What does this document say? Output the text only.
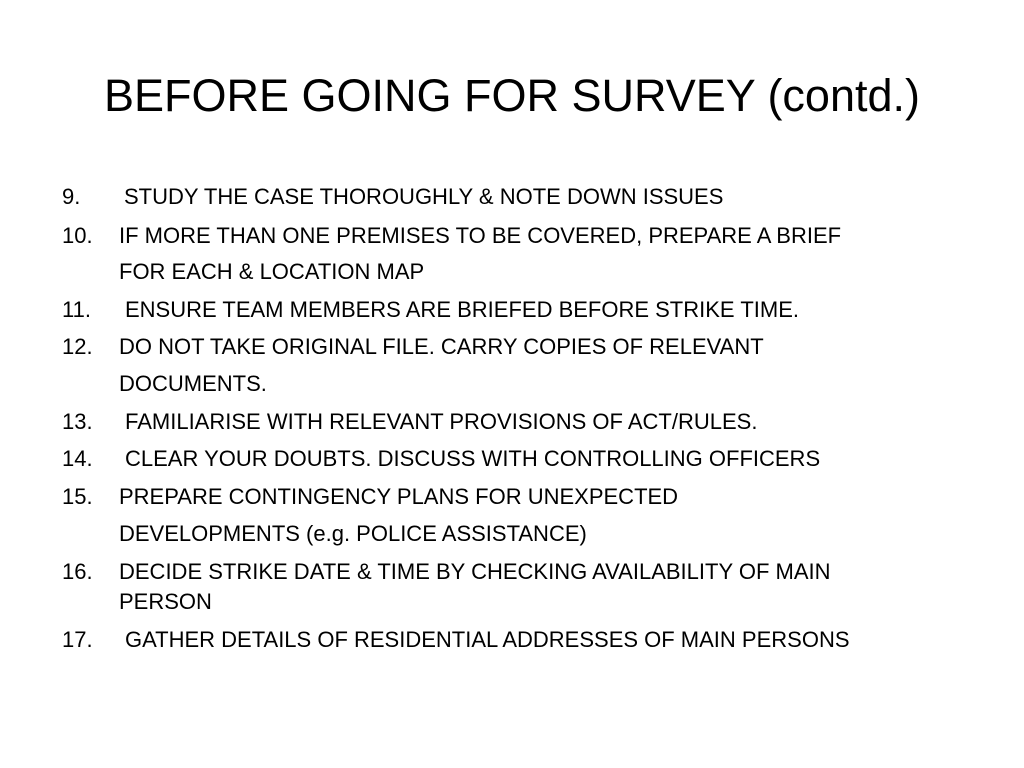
BEFORE GOING FOR SURVEY (contd.)
9. STUDY THE CASE THOROUGHLY & NOTE DOWN ISSUES
10. IF MORE THAN ONE PREMISES TO BE COVERED, PREPARE A BRIEF
FOR EACH & LOCATION MAP
11. ENSURE TEAM MEMBERS ARE BRIEFED BEFORE STRIKE TIME.
12. DO NOT TAKE ORIGINAL FILE. CARRY COPIES OF RELEVANT
DOCUMENTS.
13. FAMILIARISE WITH RELEVANT PROVISIONS OF ACT/RULES.
14. CLEAR YOUR DOUBTS. DISCUSS WITH CONTROLLING OFFICERS
15. PREPARE CONTINGENCY PLANS FOR UNEXPECTED
DEVELOPMENTS (e.g. POLICE ASSISTANCE)
16. DECIDE STRIKE DATE & TIME BY CHECKING AVAILABILITY OF MAIN
PERSON
17. GATHER DETAILS OF RESIDENTIAL ADDRESSES OF MAIN PERSONS
